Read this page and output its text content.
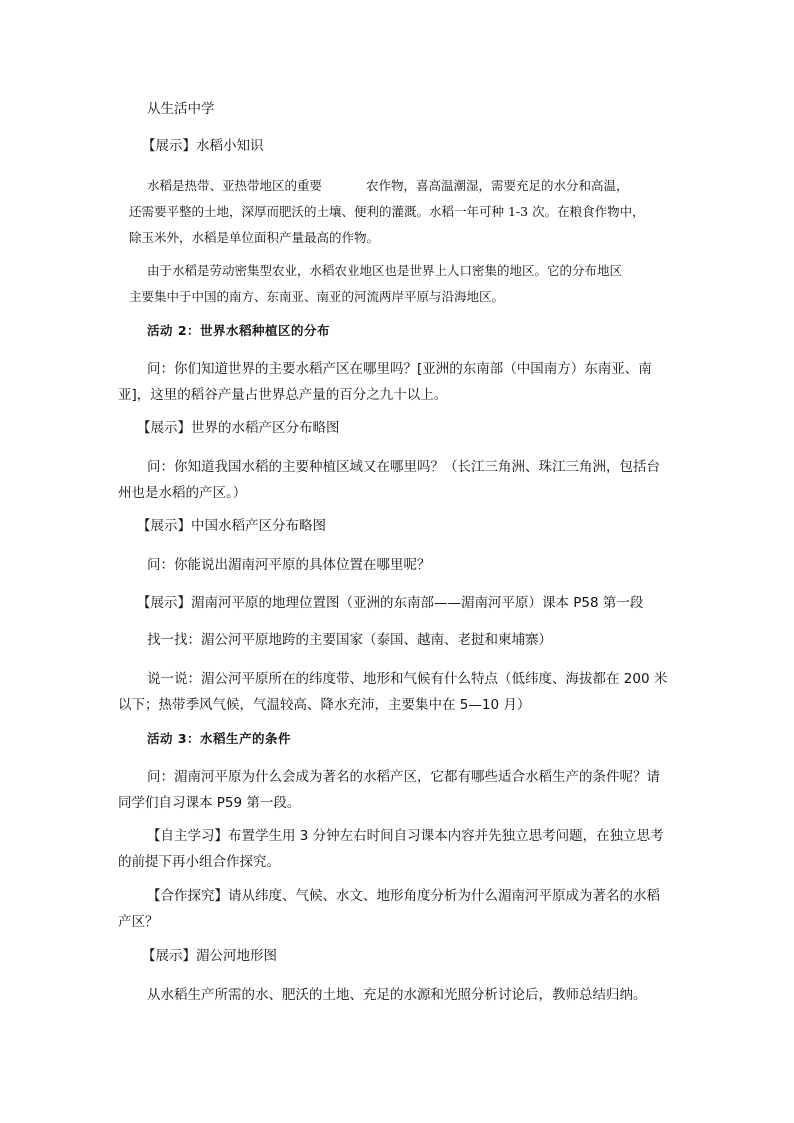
从生活中学
【展示】水稻小知识
水稻是热带、亚热带地区的重要	农作物，喜高温潮湿，需要充足的水分和高温，
还需要平整的土地，深厚而肥沃的土壤、便利的灌溉。水稻一年可种 1-3 次。在粮食作物中，
除玉米外，水稻是单位面积产量最高的作物。
由于水稻是劳动密集型农业，水稻农业地区也是世界上人口密集的地区。它的分布地区
主要集中于中国的南方、东南亚、南亚的河流两岸平原与沿海地区。
活动 2：世界水稻种植区的分布
问：你们知道世界的主要水稻产区在哪里吗？[亚洲的东南部（中国南方）东南亚、南
亚]，这里的稻谷产量占世界总产量的百分之九十以上。
【展示】世界的水稻产区分布略图
问：你知道我国水稻的主要种植区域又在哪里吗？（长江三角洲、珠江三角洲，包括台
州也是水稻的产区。）
【展示】中国水稻产区分布略图
问：你能说出湄南河平原的具体位置在哪里呢？
【展示】湄南河平原的地理位置图（亚洲的东南部——湄南河平原）课本 P58 第一段
找一找：湄公河平原地跨的主要国家（泰国、越南、老挝和柬埔寨）
说一说：湄公河平原所在的纬度带、地形和气候有什么特点（低纬度、海拔都在 200 米
以下；热带季风气候，气温较高、降水充沛，主要集中在 5—10 月）
活动 3：水稻生产的条件
问：湄南河平原为什么会成为著名的水稻产区，它都有哪些适合水稻生产的条件呢？请
同学们自习课本 P59 第一段。
【自主学习】布置学生用 3 分钟左右时间自习课本内容并先独立思考问题，在独立思考
的前提下再小组合作探究。
【合作探究】请从纬度、气候、水文、地形角度分析为什么湄南河平原成为著名的水稻
产区？
【展示】湄公河地形图
从水稻生产所需的水、肥沃的土地、充足的水源和光照分析讨论后，教师总结归纳。
